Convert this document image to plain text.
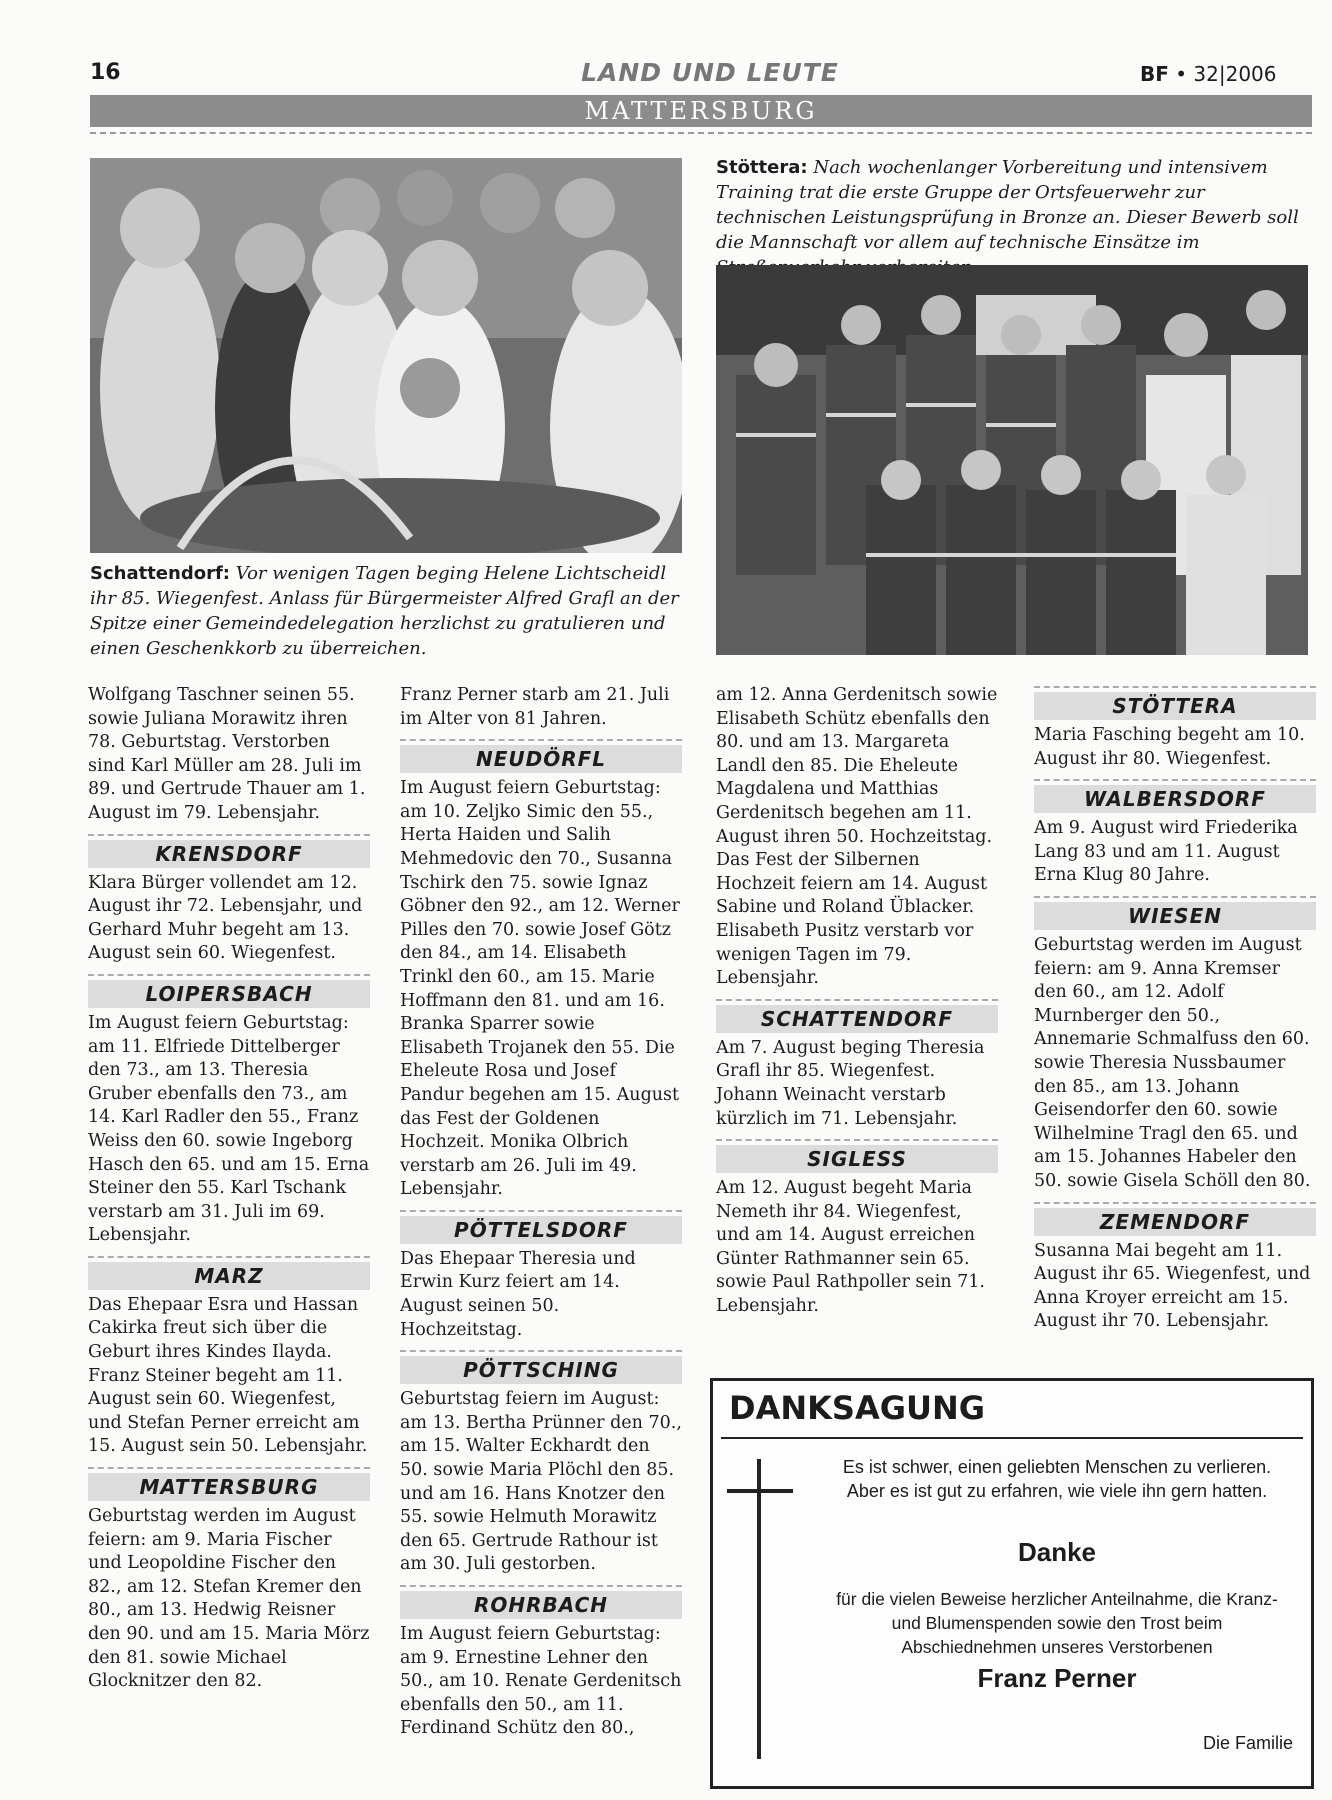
16	LAND UND LEUTE	BF • 32|2006
MATTERSBURG
Schattendorf: Vor wenigen Tagen beging Helene Lichtscheidl ihr 85. Wiegenfest. Anlass für Bürgermeister Alfred Grafl an der Spitze einer Gemeindedelegation herzlichst zu gratulieren und einen Geschenkkorb zu überreichen.
Stöttera: Nach wochenlanger Vorbereitung und intensivem Training trat die erste Gruppe der Ortsfeuerwehr zur technischen Leistungsprüfung in Bronze an. Dieser Bewerb soll die Mannschaft vor allem auf technische Einsätze im

Wolfgang Taschner seinen 55. sowie Juliana Morawitz ihren 78. Geburtstag. Verstorben sind Karl Müller am 28. Juli im 89. und Gertrude Thauer am 1. August im 79. Lebensjahr.

KRENSDORF

Klara Bürger vollendet am 12. August ihr 72. Lebensjahr, und Gerhard Muhr begeht am 13. August sein 60. Wiegenfest.

LOIPERSBACH

Im August feiern Geburtstag: am 11. Elfriede Dittelberger den 73., am 13. Theresia Gruber ebenfalls den 73., am 14. Karl Radler den 55., Franz Weiss den 60. sowie Ingeborg Hasch den 65. und am 15. Erna Steiner den 55. Karl Tschank verstarb am 31. Juli im 69. Lebensjahr.

MARZ

Das Ehepaar Esra und Hassan Cakirka freut sich über die Geburt ihres Kindes Ilayda. Franz Steiner begeht am 11. August sein 60. Wiegenfest, und Stefan Perner erreicht am 15. August sein 50. Lebensjahr.

MATTERSBURG

Geburtstag werden im August feiern: am 9. Maria Fischer und Leopoldine Fischer den 82., am 12. Stefan Kremer den 80., am 13. Hedwig Reisner den 90. und am 15. Maria Mörz den 81. sowie Michael Glocknitzer den 82.

Franz Perner starb am 21. Juli im Alter von 81 Jahren.

NEUDÖRFL

Im August feiern Geburtstag: am 10. Zeljko Simic den 55., Herta Haiden und Salih Mehmedovic den 70., Susanna Tschirk den 75. sowie Ignaz Göbner den 92., am 12. Werner Pilles den 70. sowie Josef Götz den 84., am 14. Elisabeth Trinkl den 60., am 15. Marie Hoffmann den 81. und am 16. Branka Sparrer sowie Elisabeth Trojanek den 55. Die Eheleute Rosa und Josef Pandur begehen am 15. August das Fest der Goldenen Hochzeit. Monika Olbrich verstarb am 26. Juli im 49. Lebensjahr.

PÖTTELSDORF

Das Ehepaar Theresia und Erwin Kurz feiert am 14. August seinen 50. Hochzeitstag.

PÖTTSCHING

Geburtstag feiern im August: am 13. Bertha Prünner den 70., am 15. Walter Eckhardt den 50. sowie Maria Plöchl den 85. und am 16. Hans Knotzer den 55. sowie Helmuth Morawitz den 65. Gertrude Rathour ist am 30. Juli gestorben.

ROHRBACH

Im August feiern Geburtstag: am 9. Ernestine Lehner den 50., am 10. Renate Gerdenitsch ebenfalls den 50., am 11. Ferdinand Schütz den 80.,

am 12. Anna Gerdenitsch sowie Elisabeth Schütz ebenfalls den 80. und am 13. Margareta Landl den 85. Die Eheleute Magdalena und Matthias Gerdenitsch begehen am 11. August ihren 50. Hochzeitstag. Das Fest der Silbernen Hochzeit feiern am 14. August Sabine und Roland Üblacker. Elisabeth Pusitz verstarb vor wenigen Tagen im 79. Lebensjahr.

SCHATTENDORF

Am 7. August beging Theresia Grafl ihr 85. Wiegenfest. Johann Weinacht verstarb kürzlich im 71. Lebensjahr.

SIGLESS

Am 12. August begeht Maria Nemeth ihr 84. Wiegenfest, und am 14. August erreichen Günter Rathmanner sein 65. sowie Paul Rathpoller sein 71. Lebensjahr.

STÖTTERA

Maria Fasching begeht am 10. August ihr 80. Wiegenfest.

WALBERSDORF

Am 9. August wird Friederika Lang 83 und am 11. August Erna Klug 80 Jahre.

WIESEN

Geburtstag werden im August feiern: am 9. Anna Kremser den 60., am 12. Adolf Murnberger den 50., Annemarie Schmalfuss den 60. sowie Theresia Nussbaumer den 85., am 13. Johann Geisendorfer den 60. sowie Wilhelmine Tragl den 65. und am 15. Johannes Habeler den 50. sowie Gisela Schöll den 80.

ZEMENDORF

Susanna Mai begeht am 11. August ihr 65. Wiegenfest, und Anna Kroyer erreicht am 15. August ihr 70. Lebensjahr.

DANKSAGUNG
Es ist schwer, einen geliebten Menschen zu verlieren. Aber es ist gut zu erfahren, wie viele ihn gern hatten.
Danke
für die vielen Beweise herzlicher Anteilnahme, die Kranz- und Blumenspenden sowie den Trost beim Abschiednehmen unseres Verstorbenen
Franz Perner
Die Familie
